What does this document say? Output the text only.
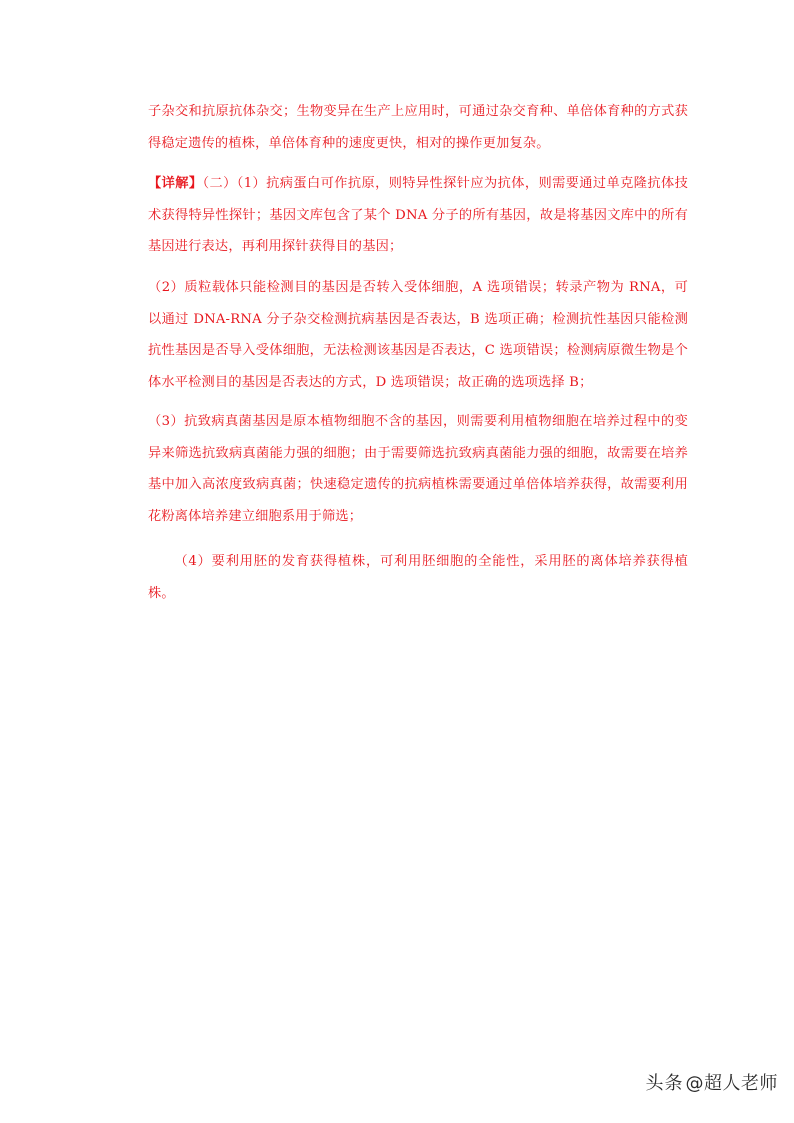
子杂交和抗原抗体杂交；生物变异在生产上应用时，可通过杂交育种、单倍体育种的方式获得稳定遗传的植株，单倍体育种的速度更快，相对的操作更加复杂。

【详解】（二）（1）抗病蛋白可作抗原，则特异性探针应为抗体，则需要通过单克隆抗体技术获得特异性探针；基因文库包含了某个 DNA 分子的所有基因，故是将基因文库中的所有基因进行表达，再利用探针获得目的基因；

（2）质粒载体只能检测目的基因是否转入受体细胞，A 选项错误；转录产物为 RNA，可以通过 DNA-RNA 分子杂交检测抗病基因是否表达，B 选项正确；检测抗性基因只能检测抗性基因是否导入受体细胞，无法检测该基因是否表达，C 选项错误；检测病原微生物是个体水平检测目的基因是否表达的方式，D 选项错误；故正确的选项选择 B；

（3）抗致病真菌基因是原本植物细胞不含的基因，则需要利用植物细胞在培养过程中的变异来筛选抗致病真菌能力强的细胞；由于需要筛选抗致病真菌能力强的细胞，故需要在培养基中加入高浓度致病真菌；快速稳定遗传的抗病植株需要通过单倍体培养获得，故需要利用花粉离体培养建立细胞系用于筛选；

（4）要利用胚的发育获得植株，可利用胚细胞的全能性，采用胚的离体培养获得植株。

头条 @超人老师
